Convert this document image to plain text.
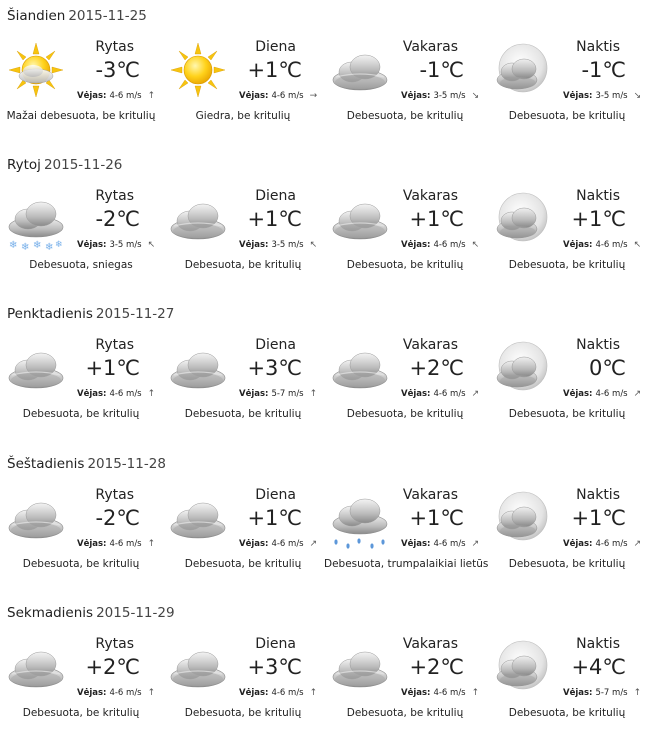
Šiandien 2015-11-25
Rytas
-3℃
Vėjas: 4-6 m/s ↑
Mažai debesuota, be kritulių
Diena
+1℃
Vėjas: 4-6 m/s →
Giedra, be kritulių
Vakaras
-1℃
Vėjas: 3-5 m/s ↘
Debesuota, be kritulių
Naktis
-1℃
Vėjas: 3-5 m/s ↘
Debesuota, be kritulių
Rytoj 2015-11-26
❄ ❄ ❄ ❄ ❄
Rytas
-2℃
Vėjas: 3-5 m/s ↖
Debesuota, sniegas
Diena
+1℃
Vėjas: 3-5 m/s ↖
Debesuota, be kritulių
Vakaras
+1℃
Vėjas: 4-6 m/s ↖
Debesuota, be kritulių
Naktis
+1℃
Vėjas: 4-6 m/s ↖
Debesuota, be kritulių
Penktadienis 2015-11-27
Rytas
+1℃
Vėjas: 4-6 m/s ↑
Debesuota, be kritulių
Diena
+3℃
Vėjas: 5-7 m/s ↑
Debesuota, be kritulių
Vakaras
+2℃
Vėjas: 4-6 m/s ↗
Debesuota, be kritulių
Naktis
0℃
Vėjas: 4-6 m/s ↗
Debesuota, be kritulių
Šeštadienis 2015-11-28
Rytas
-2℃
Vėjas: 4-6 m/s ↑
Debesuota, be kritulių
Diena
+1℃
Vėjas: 4-6 m/s ↗
Debesuota, be kritulių
Vakaras
+1℃
Vėjas: 4-6 m/s ↗
Debesuota, trumpalaikiai lietūs
Naktis
+1℃
Vėjas: 4-6 m/s ↗
Debesuota, be kritulių
Sekmadienis 2015-11-29
Rytas
+2℃
Vėjas: 4-6 m/s ↑
Debesuota, be kritulių
Diena
+3℃
Vėjas: 4-6 m/s ↑
Debesuota, be kritulių
Vakaras
+2℃
Vėjas: 4-6 m/s ↑
Debesuota, be kritulių
Naktis
+4℃
Vėjas: 5-7 m/s ↑
Debesuota, be kritulių
